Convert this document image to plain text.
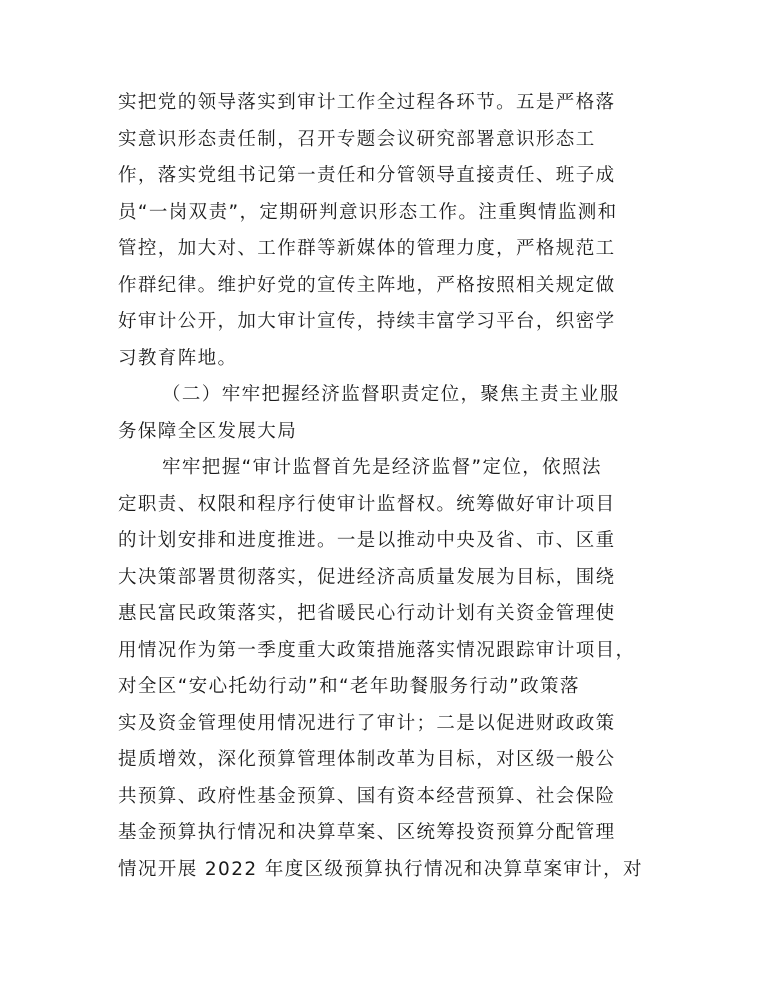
实把党的领导落实到审计工作全过程各环节。五是严格落
实意识形态责任制，召开专题会议研究部署意识形态工
作，落实党组书记第一责任和分管领导直接责任、班子成
员“一岗双责”，定期研判意识形态工作。注重舆情监测和
管控，加大对、工作群等新媒体的管理力度，严格规范工
作群纪律。维护好党的宣传主阵地，严格按照相关规定做
好审计公开，加大审计宣传，持续丰富学习平台，织密学
习教育阵地。
（二）牢牢把握经济监督职责定位，聚焦主责主业服
务保障全区发展大局
牢牢把握“审计监督首先是经济监督”定位，依照法
定职责、权限和程序行使审计监督权。统筹做好审计项目
的计划安排和进度推进。一是以推动中央及省、市、区重
大决策部署贯彻落实，促进经济高质量发展为目标，围绕
惠民富民政策落实，把省暖民心行动计划有关资金管理使
用情况作为第一季度重大政策措施落实情况跟踪审计项目，
对全区“安心托幼行动”和“老年助餐服务行动”政策落
实及资金管理使用情况进行了审计；二是以促进财政政策
提质增效，深化预算管理体制改革为目标，对区级一般公
共预算、政府性基金预算、国有资本经营预算、社会保险
基金预算执行情况和决算草案、区统筹投资预算分配管理
情况开展 2022 年度区级预算执行情况和决算草案审计，对
